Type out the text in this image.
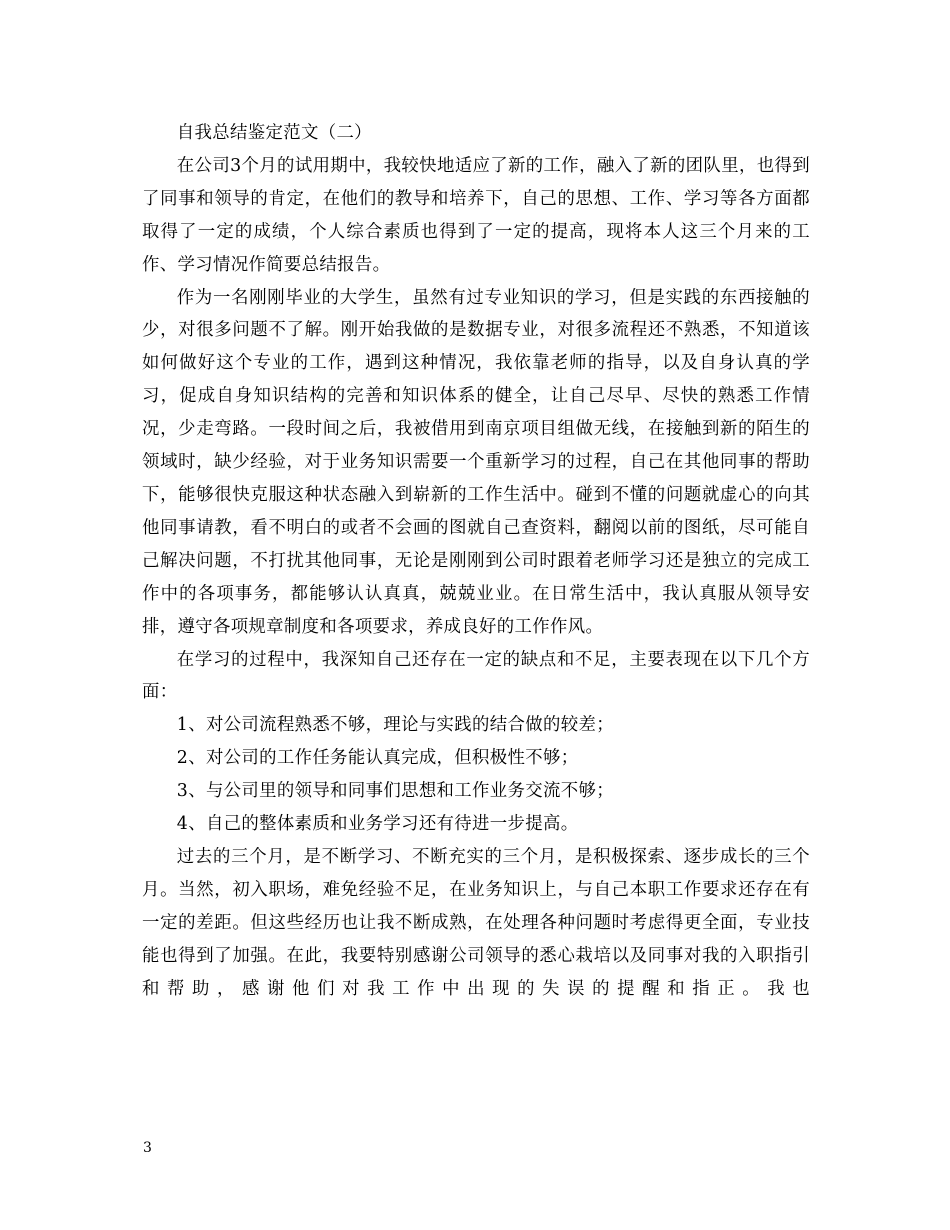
自我总结鉴定范文（二）

在公司3个月的试用期中，我较快地适应了新的工作，融入了新的团队里，也得到了同事和领导的肯定，在他们的教导和培养下，自己的思想、工作、学习等各方面都取得了一定的成绩，个人综合素质也得到了一定的提高，现将本人这三个月来的工作、学习情况作简要总结报告。

作为一名刚刚毕业的大学生，虽然有过专业知识的学习，但是实践的东西接触的少，对很多问题不了解。刚开始我做的是数据专业，对很多流程还不熟悉，不知道该如何做好这个专业的工作，遇到这种情况，我依靠老师的指导，以及自身认真的学习，促成自身知识结构的完善和知识体系的健全，让自己尽早、尽快的熟悉工作情况，少走弯路。一段时间之后，我被借用到南京项目组做无线，在接触到新的陌生的领域时，缺少经验，对于业务知识需要一个重新学习的过程，自己在其他同事的帮助下，能够很快克服这种状态融入到崭新的工作生活中。碰到不懂的问题就虚心的向其他同事请教，看不明白的或者不会画的图就自己查资料，翻阅以前的图纸，尽可能自己解决问题，不打扰其他同事，无论是刚刚到公司时跟着老师学习还是独立的完成工作中的各项事务，都能够认认真真，兢兢业业。在日常生活中，我认真服从领导安排，遵守各项规章制度和各项要求，养成良好的工作作风。

在学习的过程中，我深知自己还存在一定的缺点和不足，主要表现在以下几个方面：

1、对公司流程熟悉不够，理论与实践的结合做的较差；

2、对公司的工作任务能认真完成，但积极性不够；

3、与公司里的领导和同事们思想和工作业务交流不够；

4、自己的整体素质和业务学习还有待进一步提高。

过去的三个月，是不断学习、不断充实的三个月，是积极探索、逐步成长的三个月。当然，初入职场，难免经验不足，在业务知识上，与自己本职工作要求还存在有一定的差距。但这些经历也让我不断成熟，在处理各种问题时考虑得更全面，专业技能也得到了加强。在此，我要特别感谢公司领导的悉心栽培以及同事对我的入职指引和帮助，感谢他们对我工作中出现的失误的提醒和指正。我也

3
